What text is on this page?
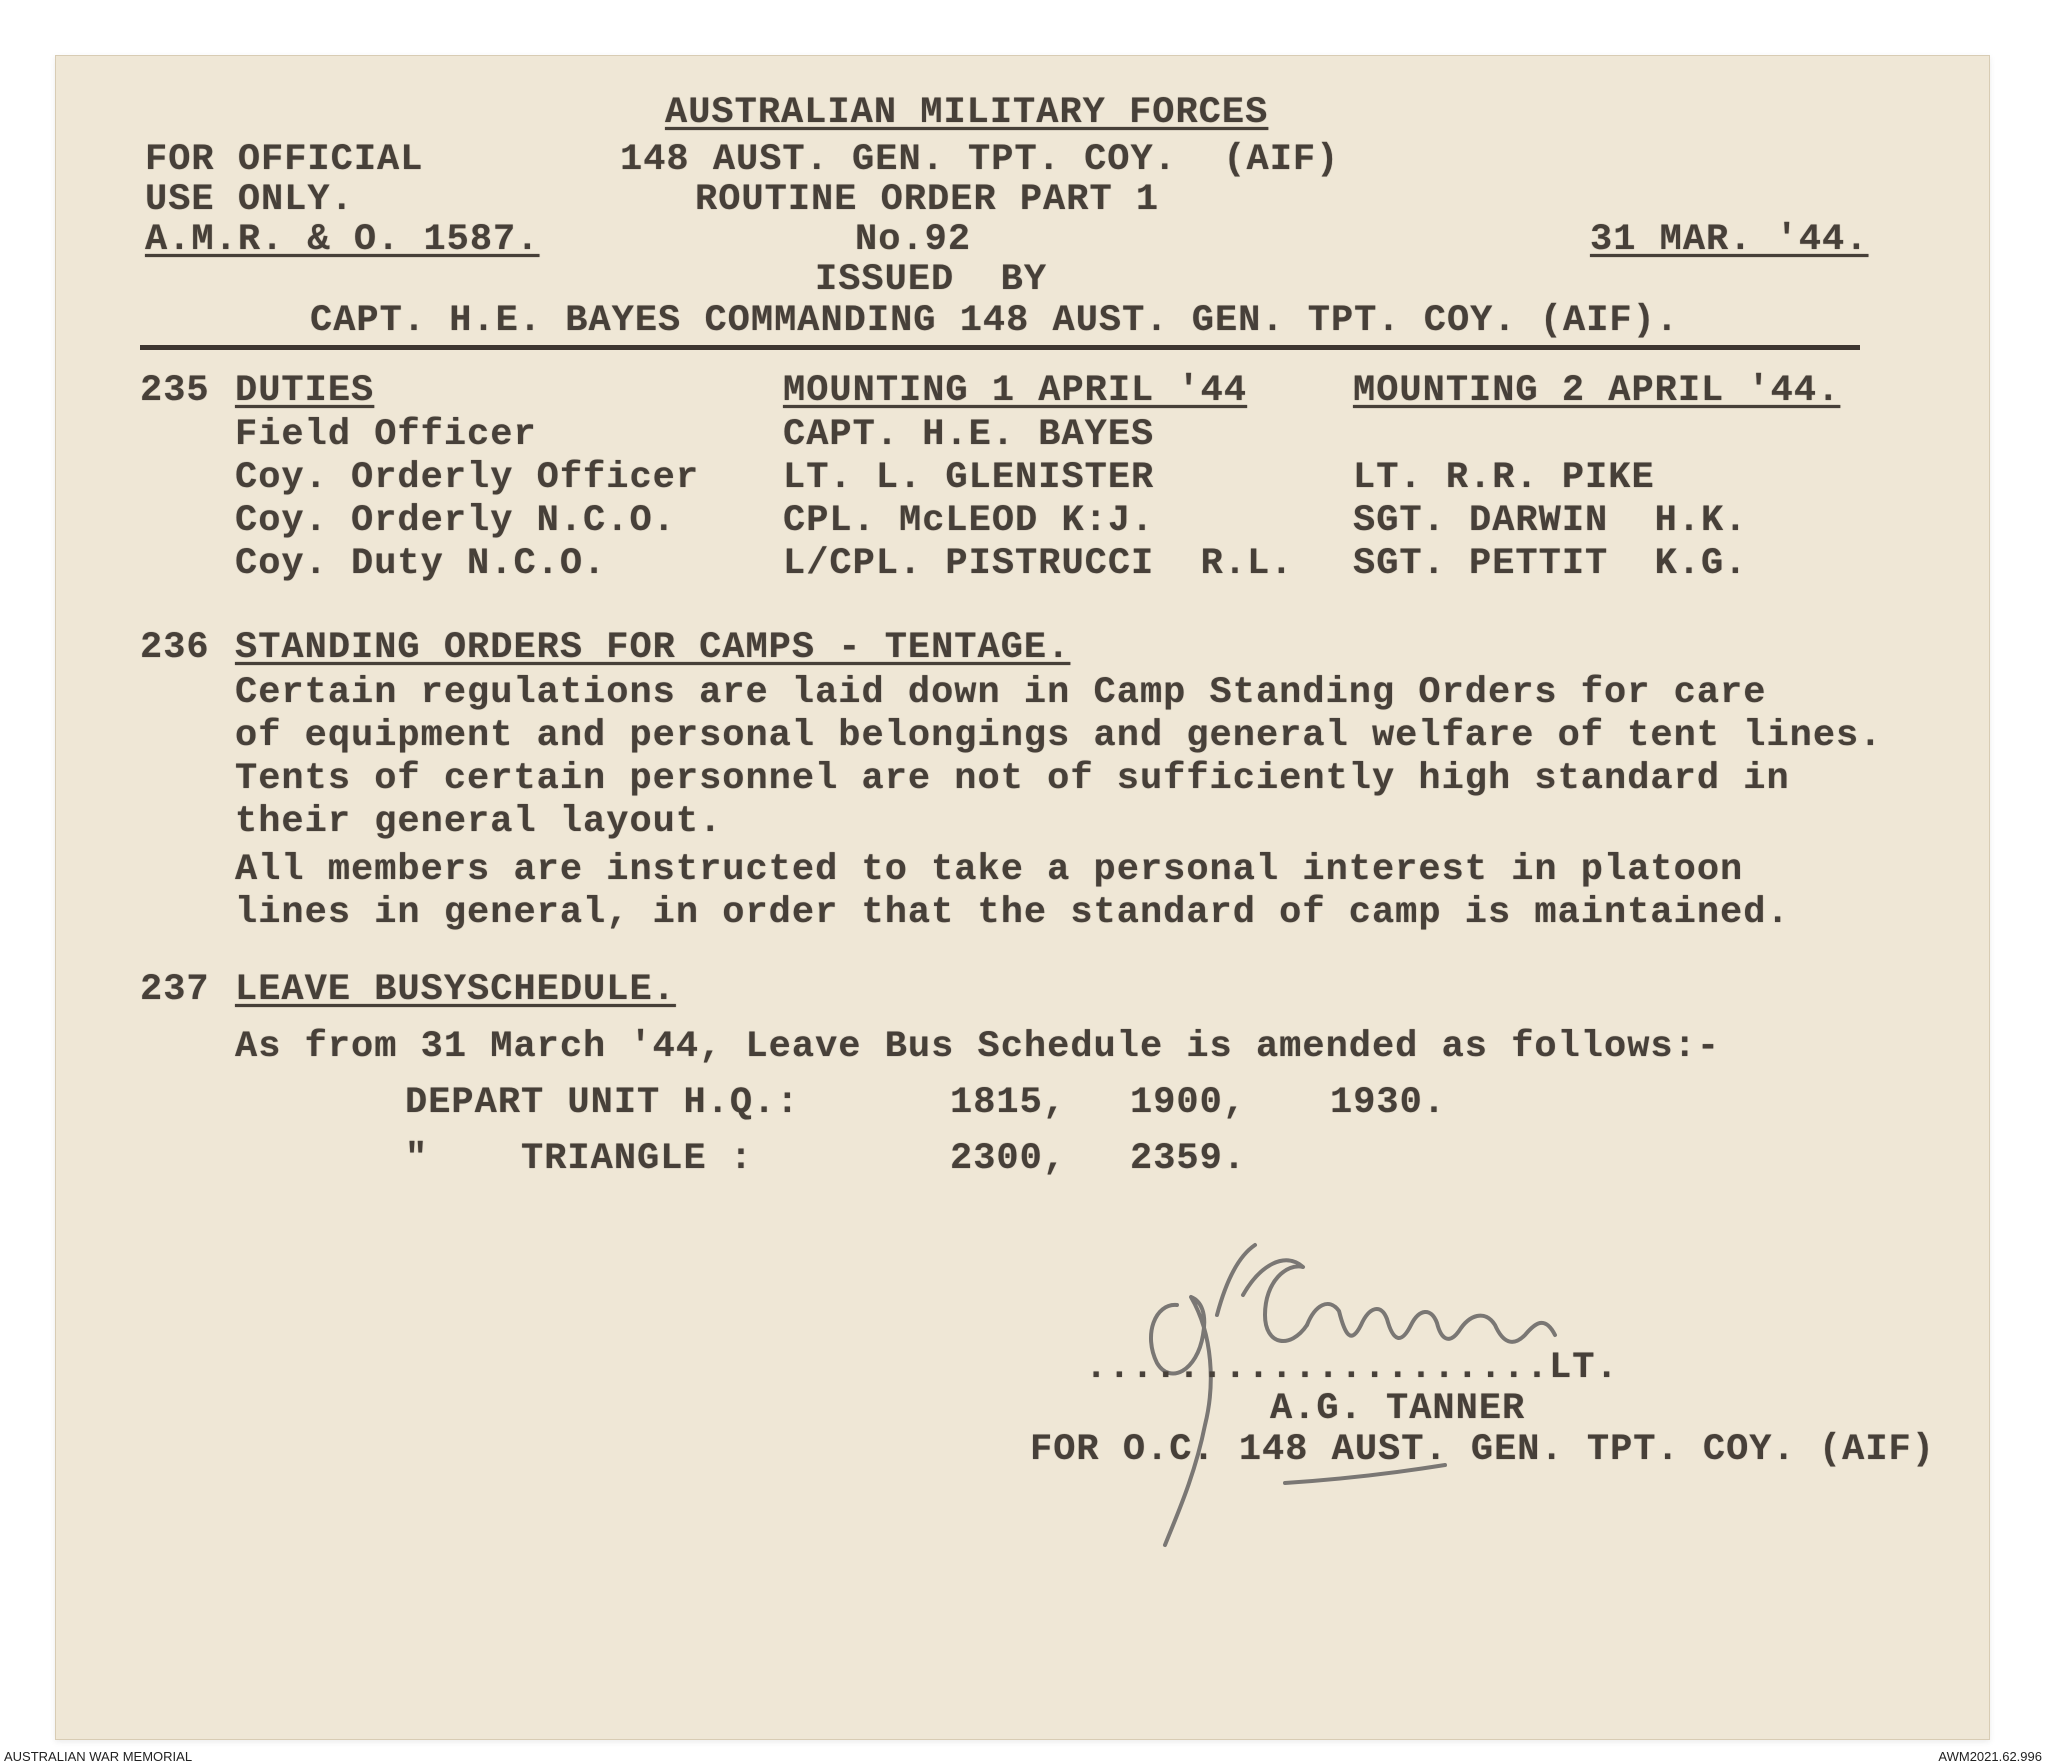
AUSTRALIAN MILITARY FORCES
FOR OFFICIAL	148 AUST. GEN. TPT. COY.  (AIF)
USE ONLY.	ROUTINE ORDER PART 1
A.M.R. & O. 1587.	No.92	31 MAR. '44.
ISSUED  BY
CAPT. H.E. BAYES COMMANDING 148 AUST. GEN. TPT. COY. (AIF).
235 DUTIES	MOUNTING 1 APRIL '44	MOUNTING 2 APRIL '44.
Field Officer	CAPT. H.E. BAYES
Coy. Orderly Officer LT. L. GLENISTER	LT. R.R. PIKE
Coy. Orderly N.C.O.	CPL. McLEOD K:J.	SGT. DARWIN  H.K.
Coy. Duty N.C.O.	L/CPL. PISTRUCCI  R.L. SGT. PETTIT  K.G.
236 STANDING ORDERS FOR CAMPS - TENTAGE.
Certain regulations are laid down in Camp Standing Orders for care
of equipment and personal belongings and general welfare of tent lines.
Tents of certain personnel are not of sufficiently high standard in
their general layout.
All members are instructed to take a personal interest in platoon
lines in general, in order that the standard of camp is maintained.
237 LEAVE BUSYSCHEDULE.
As from 31 March '44, Leave Bus Schedule is amended as follows:-
DEPART UNIT H.Q.:	1815, 1900, 1930.
"    TRIANGLE :	2300, 2359.
....................LT.
A.G. TANNER
FOR O.C. 148 AUST. GEN. TPT. COY. (AIF)
AUSTRALIAN WAR MEMORIAL	AWM2021.62.996
